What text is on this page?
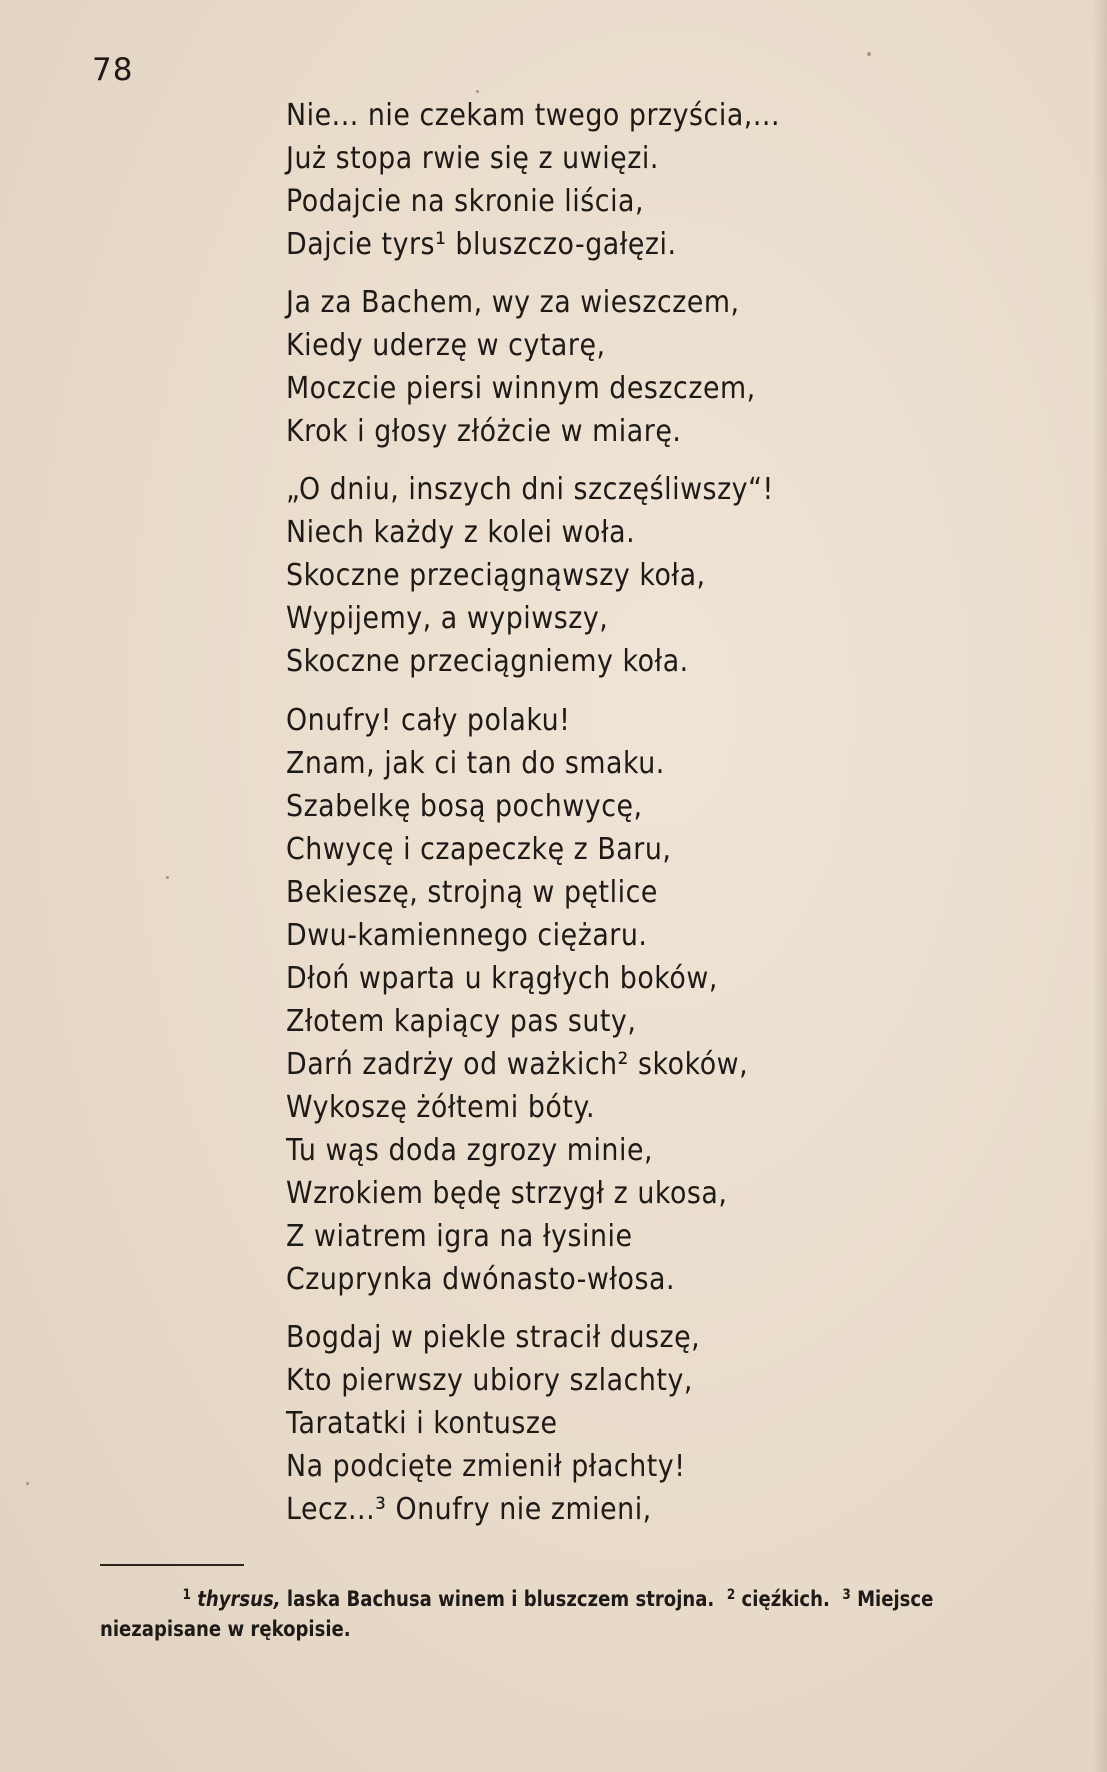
78
Nie... nie czekam twego przyścia,...
Już stopa rwie się z uwięzi.
Podajcie na skronie liścia,
Dajcie tyrs¹ bluszczo-gałęzi.
Ja za Bachem, wy za wieszczem,
Kiedy uderzę w cytarę,
Moczcie piersi winnym deszczem,
Krok i głosy złóżcie w miarę.
„O dniu, inszych dni szczęśliwszy“!
Niech każdy z kolei woła.
Skoczne przeciągnąwszy koła,
Wypijemy, a wypiwszy,
Skoczne przeciągniemy koła.
Onufry! cały polaku!
Znam, jak ci tan do smaku.
Szabelkę bosą pochwycę,
Chwycę i czapeczkę z Baru,
Bekieszę, strojną w pętlice
Dwu-kamiennego ciężaru.
Dłoń wparta u krągłych boków,
Złotem kapiący pas suty,
Darń zadrży od ważkich² skoków,
Wykoszę żółtemi bóty.
Tu wąs doda zgrozy minie,
Wzrokiem będę strzygł z ukosa,
Z wiatrem igra na łysinie
Czuprynka dwónasto-włosa.
Bogdaj w piekle stracił duszę,
Kto pierwszy ubiory szlachty,
Taratatki i kontusze
Na podcięte zmienił płachty!
Lecz...³ Onufry nie zmieni,
$^1$ thyrsus, laska Bachusa winem i bluszczem strojna. $^2$ cięźkich. $^3$ Miejsce
niezapisane w rękopisie.
